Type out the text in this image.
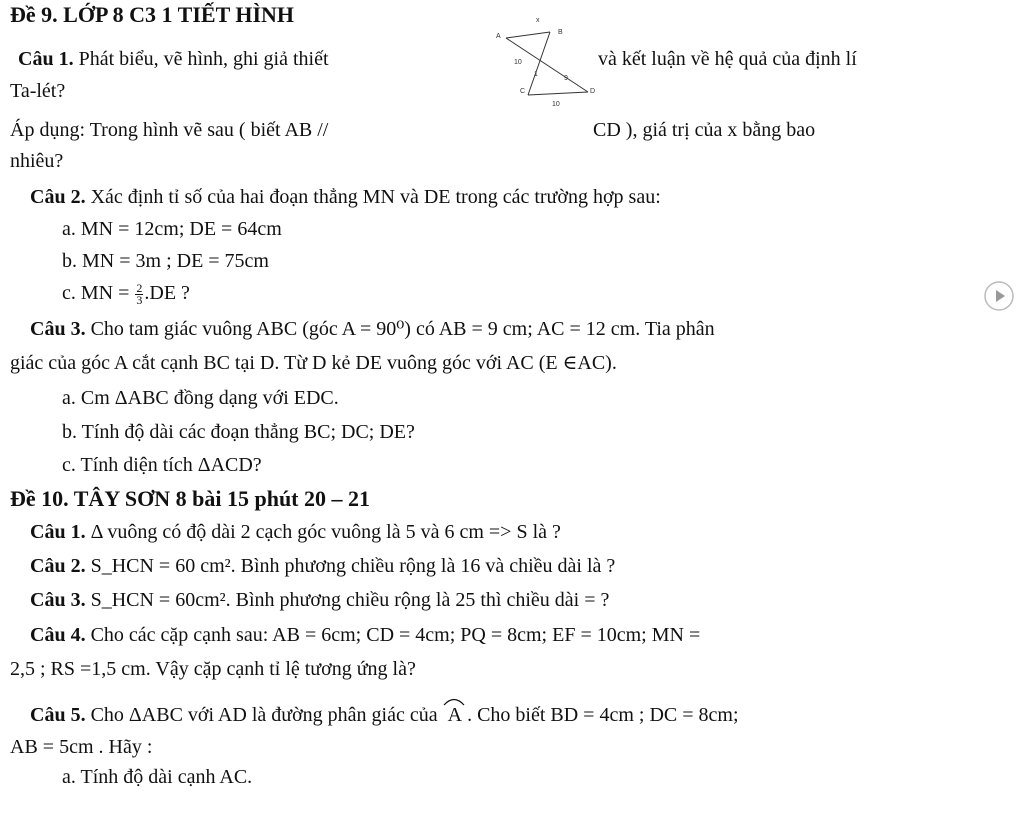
Đề 9. LỚP 8 C3 1 TIẾT HÌNH
Câu 1. Phát biểu, vẽ hình, ghi giả thiết	và kết luận về hệ quả của định lí
Ta-lét?
Áp dụng: Trong hình vẽ sau ( biết AB //	CD ), giá trị của x bằng bao
nhiêu?
x
A
B
10
1
9
C	D
10
Câu 2. Xác định tỉ số của hai đoạn thẳng MN và DE trong các trường hợp sau:
a. MN = 12cm; DE = 64cm
b. MN = 3m ; DE = 75cm
c. MN = $\frac{2}{3} .DE$ ?
Câu 3. Cho tam giác vuông ABC (góc A = 90⁰) có AB = 9 cm; AC = 12 cm. Tia phân
giác của góc A cắt cạnh BC tại D. Từ D kẻ DE vuông góc với AC (E ∈AC).
a. Cm ΔABC đồng dạng với EDC.
b. Tính độ dài các đoạn thẳng BC; DC; DE?
c. Tính diện tích ΔACD?
Đề 10. TÂY SƠN 8 bài 15 phút 20 – 21
Câu 1. Δ vuông có độ dài 2 cạch góc vuông là 5 và 6 cm => S là ?
Câu 2. S_HCN = 60 cm². Bình phương chiều rộng là 16 và chiều dài là ?
Câu 3. S_HCN = 60cm². Bình phương chiều rộng là 25 thì chiều dài = ?
Câu 4. Cho các cặp cạnh sau: AB = 6cm; CD = 4cm; PQ = 8cm; EF = 10cm; MN =
2,5 ; RS =1,5 cm. Vậy cặp cạnh tỉ lệ tương ứng là?
Câu 5. Cho ΔABC với AD là đường phân giác của A . Cho biết BD = 4cm ; DC = 8cm;
AB = 5cm . Hãy :
a. Tính độ dài cạnh AC.
